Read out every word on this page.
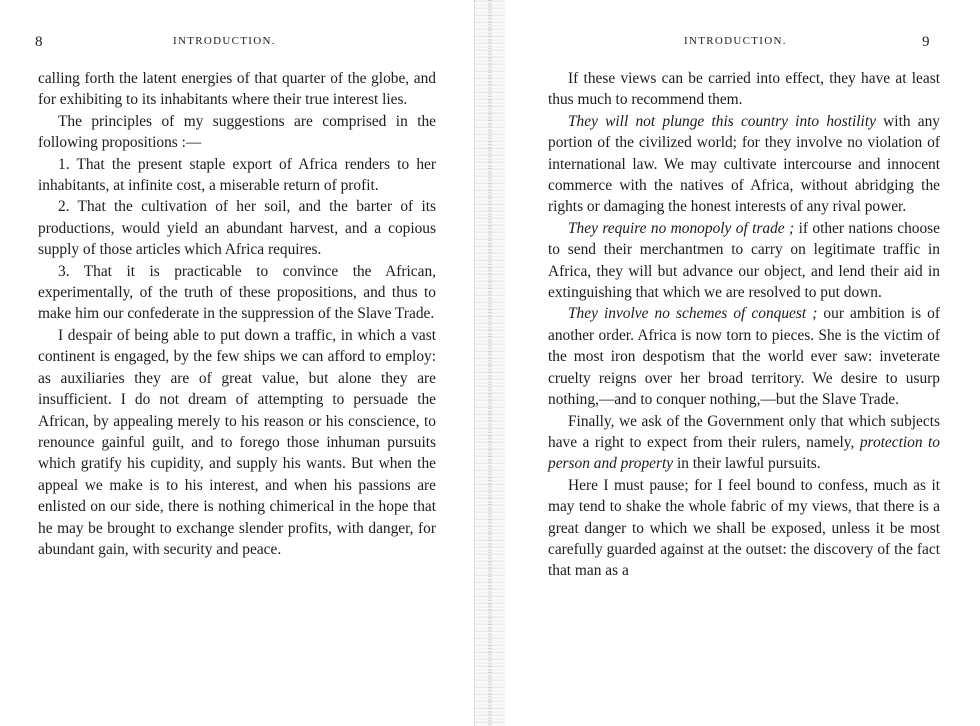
8	INTRODUCTION.

calling forth the latent energies of that quarter of the globe, and for exhibiting to its inhabitants where their true interest lies.

The principles of my suggestions are comprised in the following propositions :—

1. That the present staple export of Africa renders to her inhabitants, at infinite cost, a miserable return of profit.

2. That the cultivation of her soil, and the barter of its productions, would yield an abundant harvest, and a copious supply of those articles which Africa requires.

3. That it is practicable to convince the African, experimentally, of the truth of these propositions, and thus to make him our confederate in the suppression of the Slave Trade.

I despair of being able to put down a traffic, in which a vast continent is engaged, by the few ships we can afford to employ: as auxiliaries they are of great value, but alone they are insufficient. I do not dream of attempting to persuade the African, by appealing merely to his reason or his conscience, to renounce gainful guilt, and to forego those inhuman pursuits which gratify his cupidity, and supply his wants. But when the appeal we make is to his interest, and when his passions are enlisted on our side, there is nothing chimerical in the hope that he may be brought to exchange slender profits, with danger, for abundant gain, with security and peace.

INTRODUCTION.	9

If these views can be carried into effect, they have at least thus much to recommend them.

They will not plunge this country into hostility with any portion of the civilized world; for they involve no violation of international law. We may cultivate intercourse and innocent commerce with the natives of Africa, without abridging the rights or damaging the honest interests of any rival power.

They require no monopoly of trade ; if other nations choose to send their merchantmen to carry on legitimate traffic in Africa, they will but advance our object, and lend their aid in extinguishing that which we are resolved to put down.

They involve no schemes of conquest ; our ambition is of another order. Africa is now torn to pieces. She is the victim of the most iron despotism that the world ever saw: inveterate cruelty reigns over her broad territory. We desire to usurp nothing,—and to conquer nothing,—but the Slave Trade.

Finally, we ask of the Government only that which subjects have a right to expect from their rulers, namely, protection to person and property in their lawful pursuits.

Here I must pause; for I feel bound to confess, much as it may tend to shake the whole fabric of my views, that there is a great danger to which we shall be exposed, unless it be most carefully guarded against at the outset: the discovery of the fact that man as a
